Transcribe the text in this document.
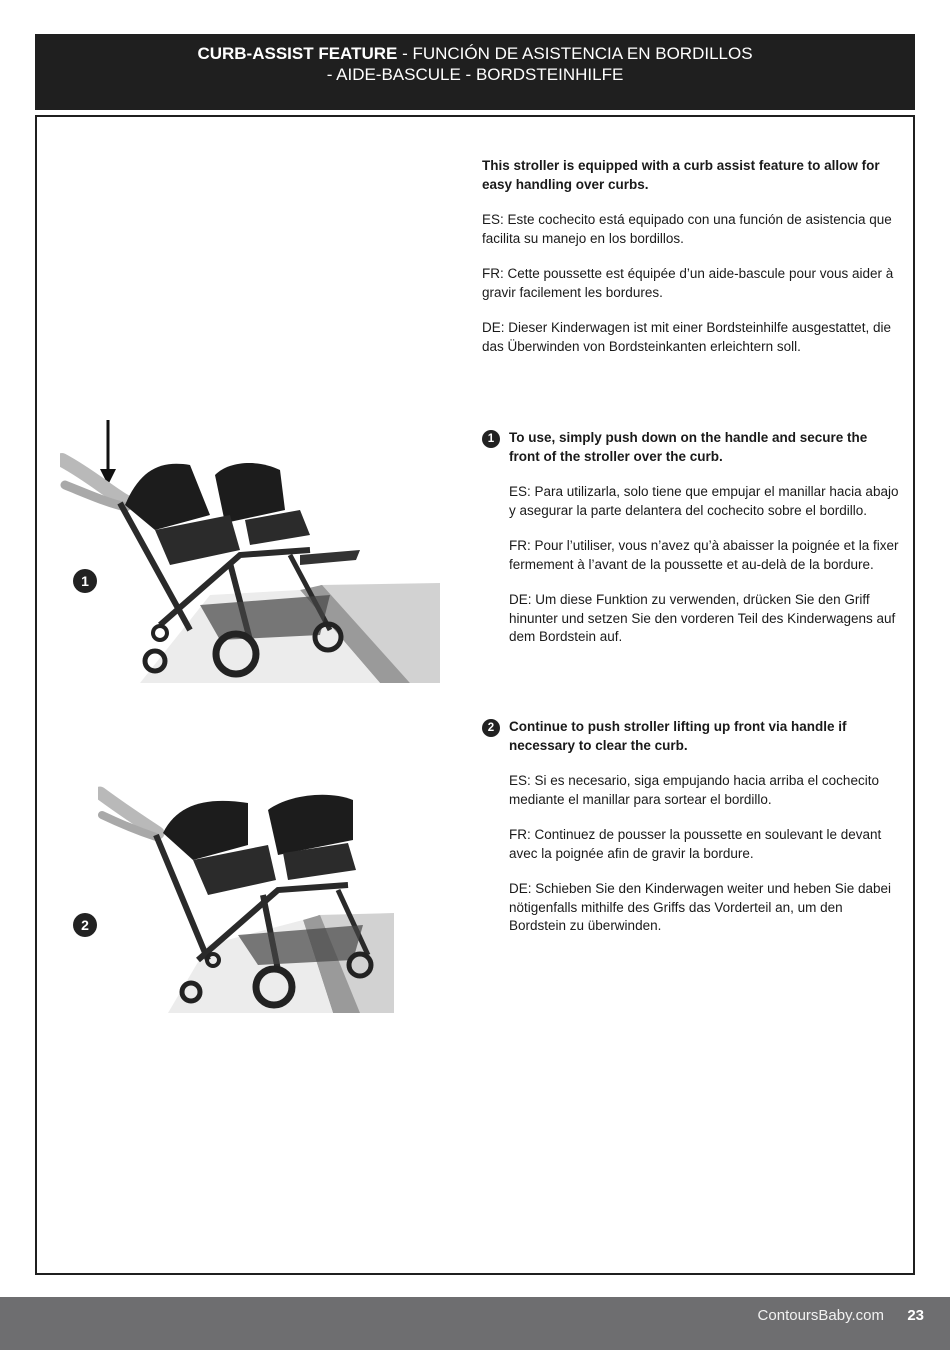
CURB-ASSIST FEATURE - FUNCIÓN DE ASISTENCIA EN BORDILLOS
- AIDE-BASCULE - BORDSTEINHILFE

This stroller is equipped with a curb assist feature to allow for easy handling over curbs.

ES: Este cochecito está equipado con una función de asistencia que facilita su manejo en los bordillos.

FR: Cette poussette est équipée d’un aide-bascule pour vous aider à gravir facilement les bordures.

DE: Dieser Kinderwagen ist mit einer Bordsteinhilfe ausgestattet, die das Überwinden von Bordsteinkanten erleichtern soll.

1	To use, simply push down on the handle and secure the front of the stroller over the curb.

ES: Para utilizarla, solo tiene que empujar el manillar hacia abajo y asegurar la parte delantera del cochecito sobre el bordillo.

FR: Pour l’utiliser, vous n’avez qu’à abaisser la poignée et la fixer fermement à l’avant de la poussette et au-delà de la bordure.

DE: Um diese Funktion zu verwenden, drücken Sie den Griff hinunter und setzen Sie den vorderen Teil des Kinderwagens auf dem Bordstein auf.

2	Continue to push stroller lifting up front via handle if necessary to clear the curb.

ES: Si es necesario, siga empujando hacia arriba el cochecito mediante el manillar para sortear el bordillo.

FR: Continuez de pousser la poussette en soulevant le devant avec la poignée afin de gravir la bordure.

DE: Schieben Sie den Kinderwagen weiter und heben Sie dabei nötigenfalls mithilfe des Griffs das Vorderteil an, um den Bordstein zu überwinden.

1
2
ContoursBaby.com 23
